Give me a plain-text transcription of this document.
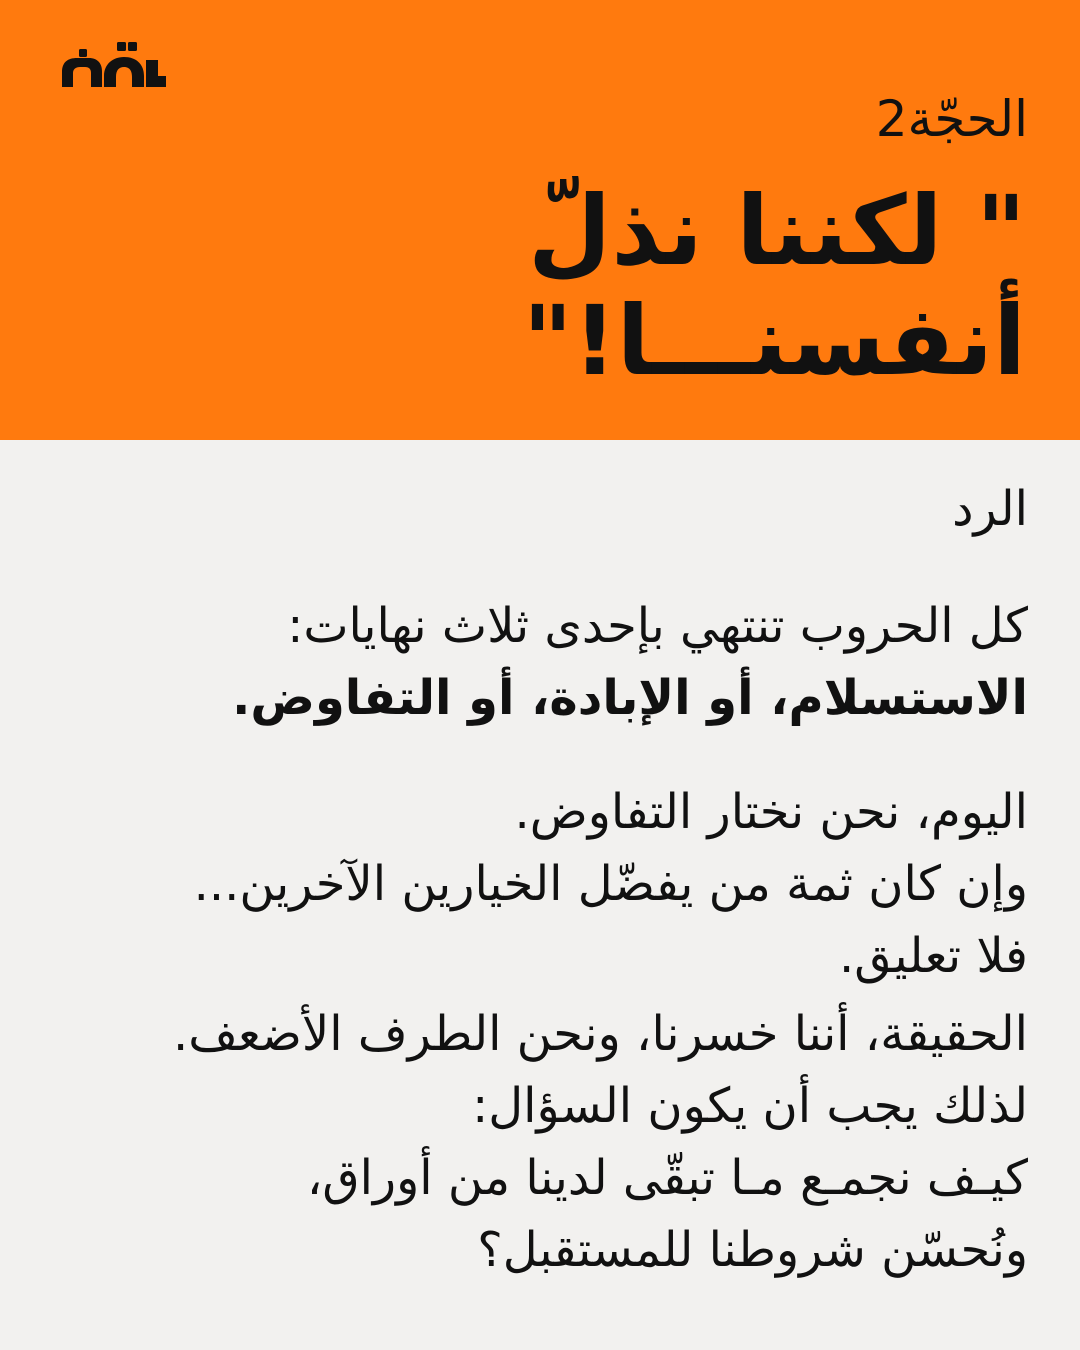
الحجّة2

" لكننا نذلّ
أنفسنـــا!"

الرد

كل الحروب تنتهي بإحدى ثلاث نهايات:

الاستسلام، أو الإبادة، أو التفاوض.

اليوم، نحن نختار التفاوض.
وإن كان ثمة من يفضّل الخيارين الآخرين...
فلا تعليق.

الحقيقة، أننا خسرنا، ونحن الطرف الأضعف.
لذلك يجب أن يكون السؤال:
كيـف نجمـع مـا تبقّى لدينا من أوراق،
ونُحسّن شروطنا للمستقبل؟
